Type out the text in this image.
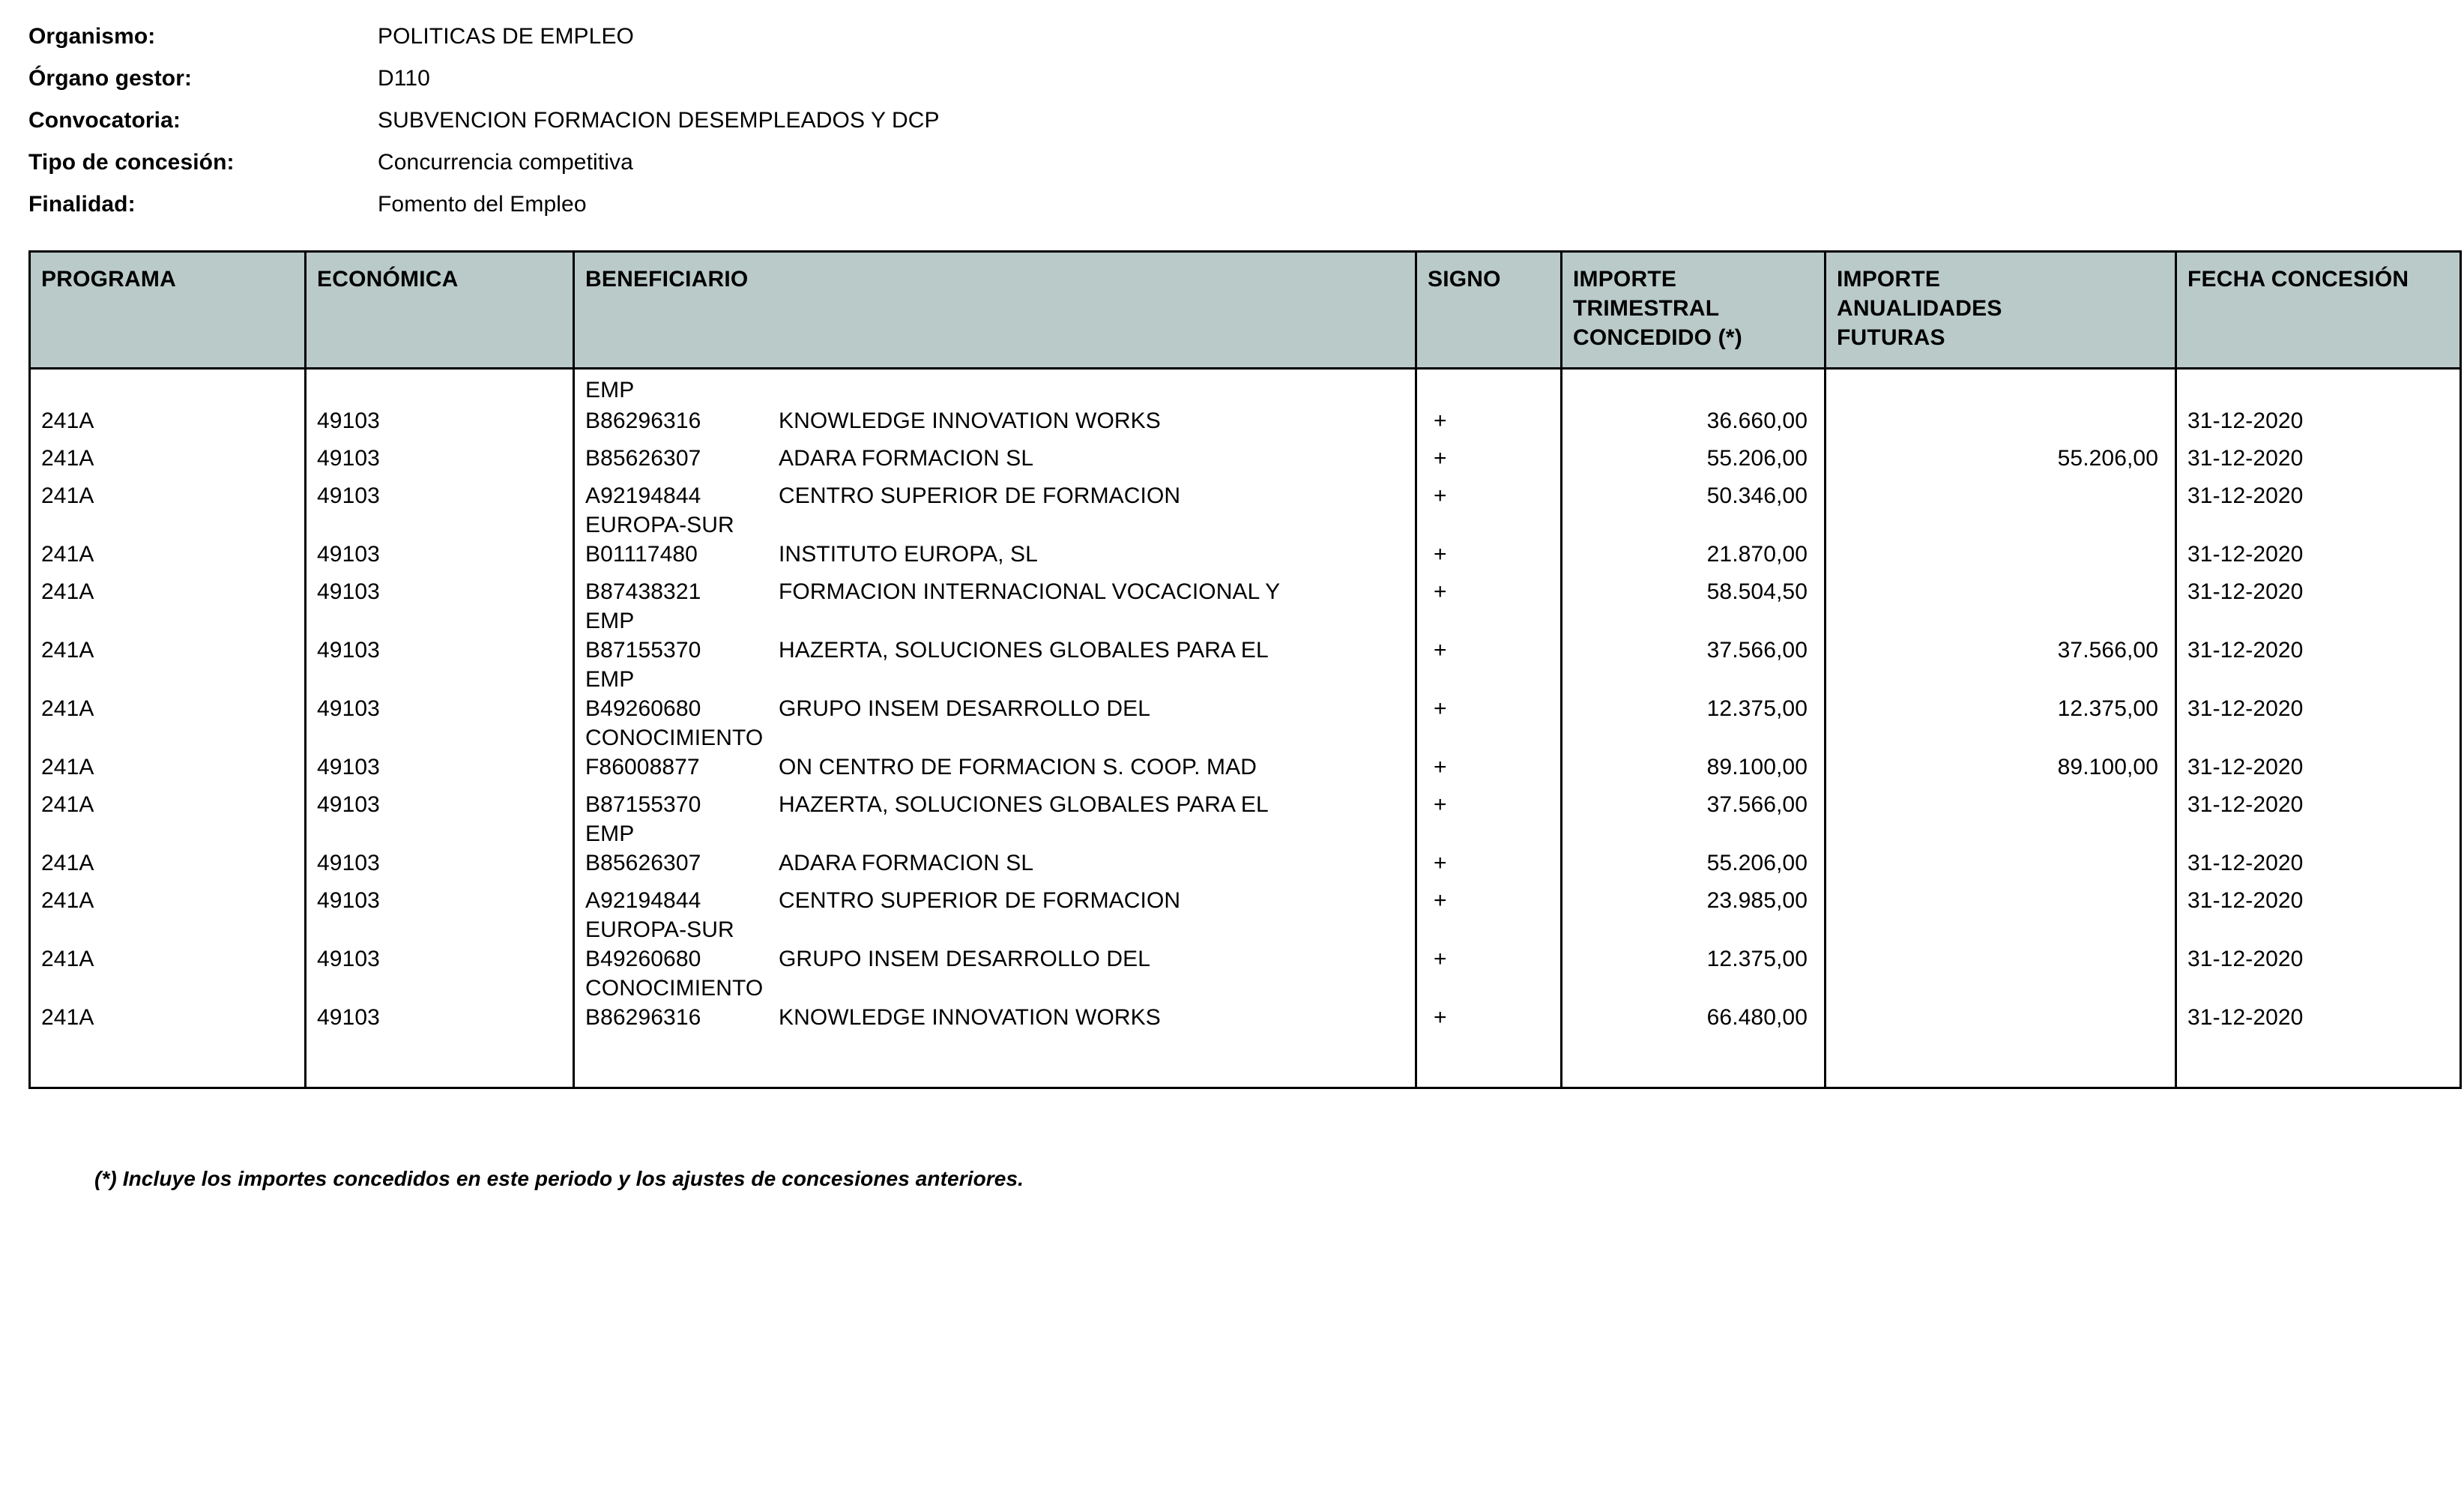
Organismo:	POLITICAS DE EMPLEO
Órgano gestor:	D110
Convocatoria:	SUBVENCION FORMACION DESEMPLEADOS Y DCP
Tipo de concesión:	Concurrencia competitiva
Finalidad:	Fomento del Empleo
PROGRAMA	ECONÓMICA	BENEFICIARIO	SIGNO	IMPORTE
TRIMESTRAL
CONCEDIDO (*)	IMPORTE
ANUALIDADES
FUTURAS	FECHA CONCESIÓN

		EMP				
241A	49103	B86296316 KNOWLEDGE INNOVATION WORKS	+	36.660,00		31-12-2020
241A	49103	B85626307 ADARA FORMACION SL	+	55.206,00	55.206,00	31-12-2020
241A	49103	A92194844 CENTRO SUPERIOR DE FORMACION
EUROPA-SUR	+	50.346,00		31-12-2020
241A	49103	B01117480 INSTITUTO EUROPA, SL	+	21.870,00		31-12-2020
241A	49103	B87438321 FORMACION INTERNACIONAL VOCACIONAL Y
EMP	+	58.504,50		31-12-2020
241A	49103	B87155370 HAZERTA, SOLUCIONES GLOBALES PARA EL
EMP	+	37.566,00	37.566,00	31-12-2020
241A	49103	B49260680 GRUPO INSEM DESARROLLO DEL
CONOCIMIENTO	+	12.375,00	12.375,00	31-12-2020
241A	49103	F86008877 ON CENTRO DE FORMACION S. COOP. MAD	+	89.100,00	89.100,00	31-12-2020
241A	49103	B87155370 HAZERTA, SOLUCIONES GLOBALES PARA EL
EMP	+	37.566,00		31-12-2020
241A	49103	B85626307 ADARA FORMACION SL	+	55.206,00		31-12-2020
241A	49103	A92194844 CENTRO SUPERIOR DE FORMACION
EUROPA-SUR	+	23.985,00		31-12-2020
241A	49103	B49260680 GRUPO INSEM DESARROLLO DEL
CONOCIMIENTO	+	12.375,00		31-12-2020
241A	49103	B86296316 KNOWLEDGE INNOVATION WORKS	+	66.480,00		31-12-2020

(*) Incluye los importes concedidos en este periodo y los ajustes de concesiones anteriores.
